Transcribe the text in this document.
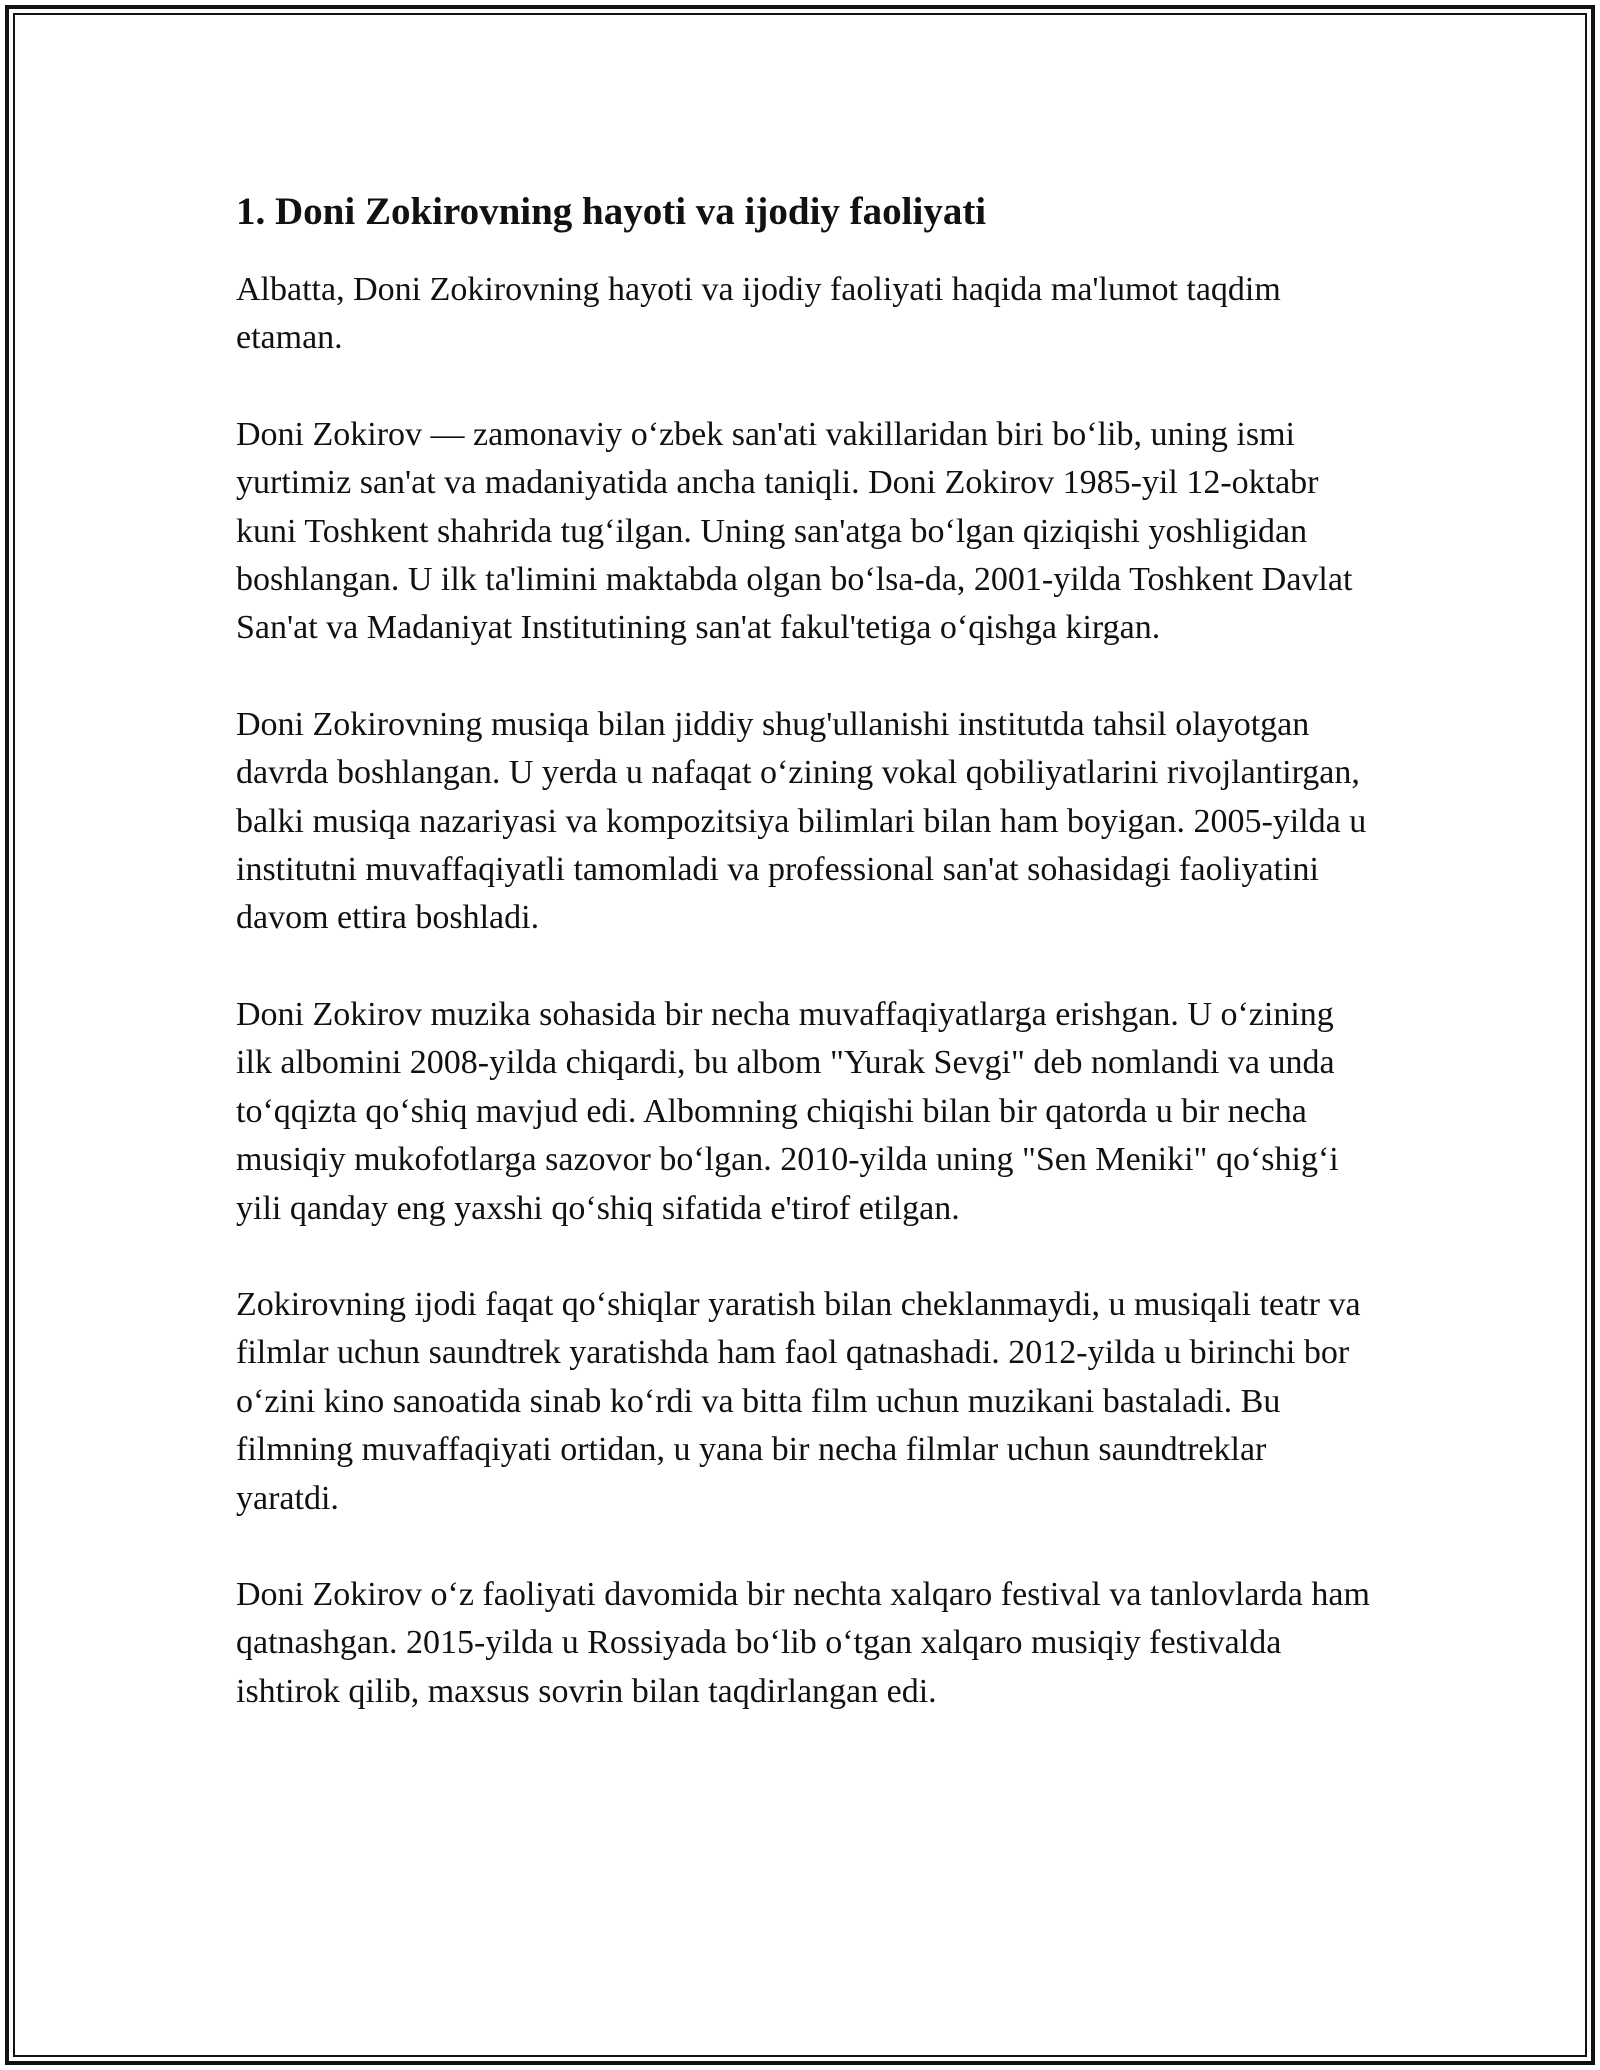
1. Doni Zokirovning hayoti va ijodiy faoliyati

Albatta, Doni Zokirovning hayoti va ijodiy faoliyati haqida ma'lumot taqdim etaman.

Doni Zokirov — zamonaviy oʻzbek san'ati vakillaridan biri boʻlib, uning ismi yurtimiz san'at va madaniyatida ancha taniqli. Doni Zokirov 1985-yil 12-oktabr kuni Toshkent shahrida tugʻilgan. Uning san'atga boʻlgan qiziqishi yoshligidan boshlangan. U ilk ta'limini maktabda olgan boʻlsa-da, 2001-yilda Toshkent Davlat San'at va Madaniyat Institutining san'at fakul'tetiga oʻqishga kirgan.

Doni Zokirovning musiqa bilan jiddiy shug'ullanishi institutda tahsil olayotgan davrda boshlangan. U yerda u nafaqat oʻzining vokal qobiliyatlarini rivojlantirgan, balki musiqa nazariyasi va kompozitsiya bilimlari bilan ham boyigan. 2005-yilda u institutni muvaffaqiyatli tamomladi va professional san'at sohasidagi faoliyatini davom ettira boshladi.

Doni Zokirov muzika sohasida bir necha muvaffaqiyatlarga erishgan. U oʻzining ilk albomini 2008-yilda chiqardi, bu albom "Yurak Sevgi" deb nomlandi va unda toʻqqizta qoʻshiq mavjud edi. Albomning chiqishi bilan bir qatorda u bir necha musiqiy mukofotlarga sazovor boʻlgan. 2010-yilda uning "Sen Meniki" qoʻshigʻi yili qanday eng yaxshi qoʻshiq sifatida e'tirof etilgan.

Zokirovning ijodi faqat qoʻshiqlar yaratish bilan cheklanmaydi, u musiqali teatr va filmlar uchun saundtrek yaratishda ham faol qatnashadi. 2012-yilda u birinchi bor oʻzini kino sanoatida sinab koʻrdi va bitta film uchun muzikani bastaladi. Bu filmning muvaffaqiyati ortidan, u yana bir necha filmlar uchun saundtreklar yaratdi.

Doni Zokirov oʻz faoliyati davomida bir nechta xalqaro festival va tanlovlarda ham qatnashgan. 2015-yilda u Rossiyada boʻlib oʻtgan xalqaro musiqiy festivalda ishtirok qilib, maxsus sovrin bilan taqdirlangan edi.
